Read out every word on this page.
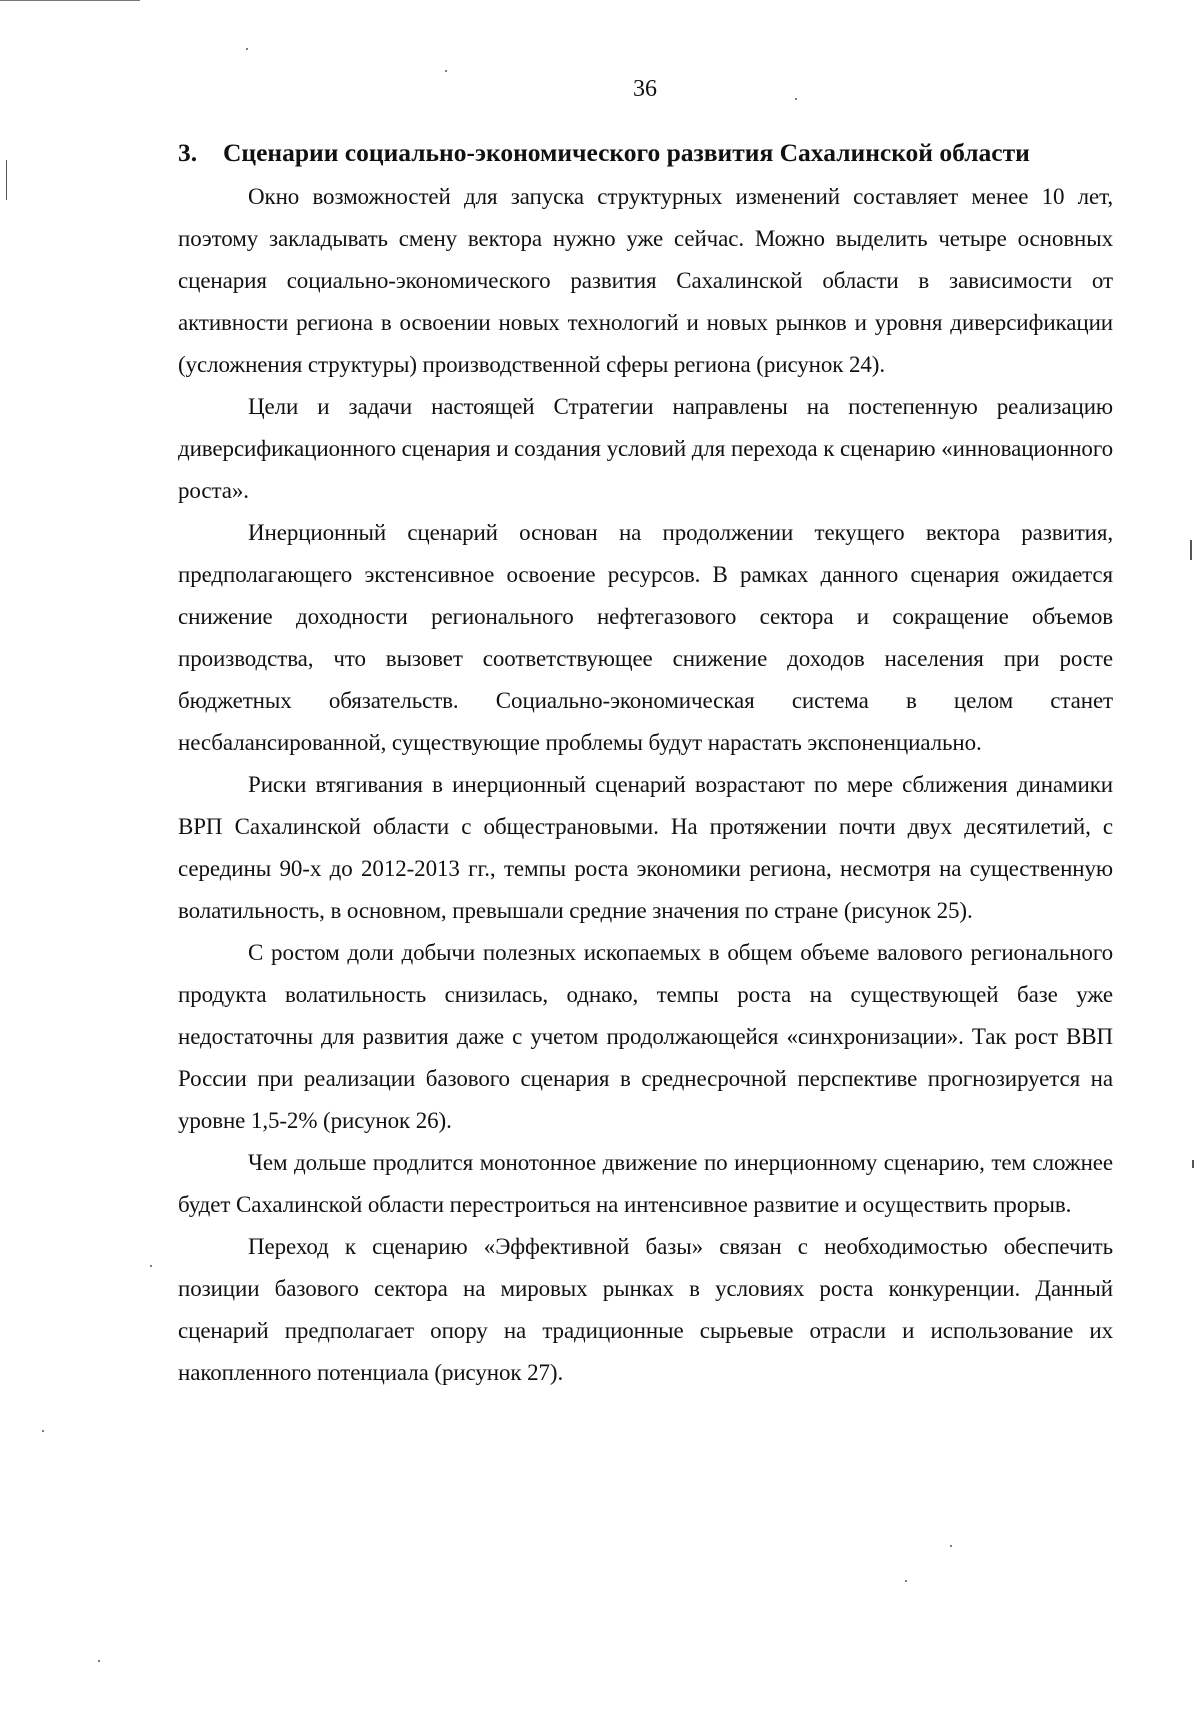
36
3.	Сценарии социально-экономического развития Сахалинской области

Окно возможностей для запуска структурных изменений составляет менее 10 лет, поэтому закладывать смену вектора нужно уже сейчас. Можно выделить четыре основных сценария социально-экономического развития Сахалинской области в зависимости от активности региона в освоении новых технологий и новых рынков и уровня диверсификации (усложнения структуры) производственной сферы региона (рисунок 24).

Цели и задачи настоящей Стратегии направлены на постепенную реализацию диверсификационного сценария и создания условий для перехода к сценарию «инновационного роста».

Инерционный сценарий основан на продолжении текущего вектора развития, предполагающего экстенсивное освоение ресурсов. В рамках данного сценария ожидается снижение доходности регионального нефтегазового сектора и сокращение объемов производства, что вызовет соответствующее снижение доходов населения при росте бюджетных обязательств. Социально-экономическая система в целом станет несбалансированной, существующие проблемы будут нарастать экспоненциально.

Риски втягивания в инерционный сценарий возрастают по мере сближения динамики ВРП Сахалинской области с общестрановыми. На протяжении почти двух десятилетий, с середины 90-х до 2012-2013 гг., темпы роста экономики региона, несмотря на существенную волатильность, в основном, превышали средние значения по стране (рисунок 25).

С ростом доли добычи полезных ископаемых в общем объеме валового регионального продукта волатильность снизилась, однако, темпы роста на существующей базе уже недостаточны для развития даже с учетом продолжающейся «синхронизации». Так рост ВВП России при реализации базового сценария в среднесрочной перспективе прогнозируется на уровне 1,5-2% (рисунок 26).

Чем дольше продлится монотонное движение по инерционному сценарию, тем сложнее будет Сахалинской области перестроиться на интенсивное развитие и осуществить прорыв.

Переход к сценарию «Эффективной базы» связан с необходимостью обеспечить позиции базового сектора на мировых рынках в условиях роста конкуренции. Данный сценарий предполагает опору на традиционные сырьевые отрасли и использование их накопленного потенциала (рисунок 27).
